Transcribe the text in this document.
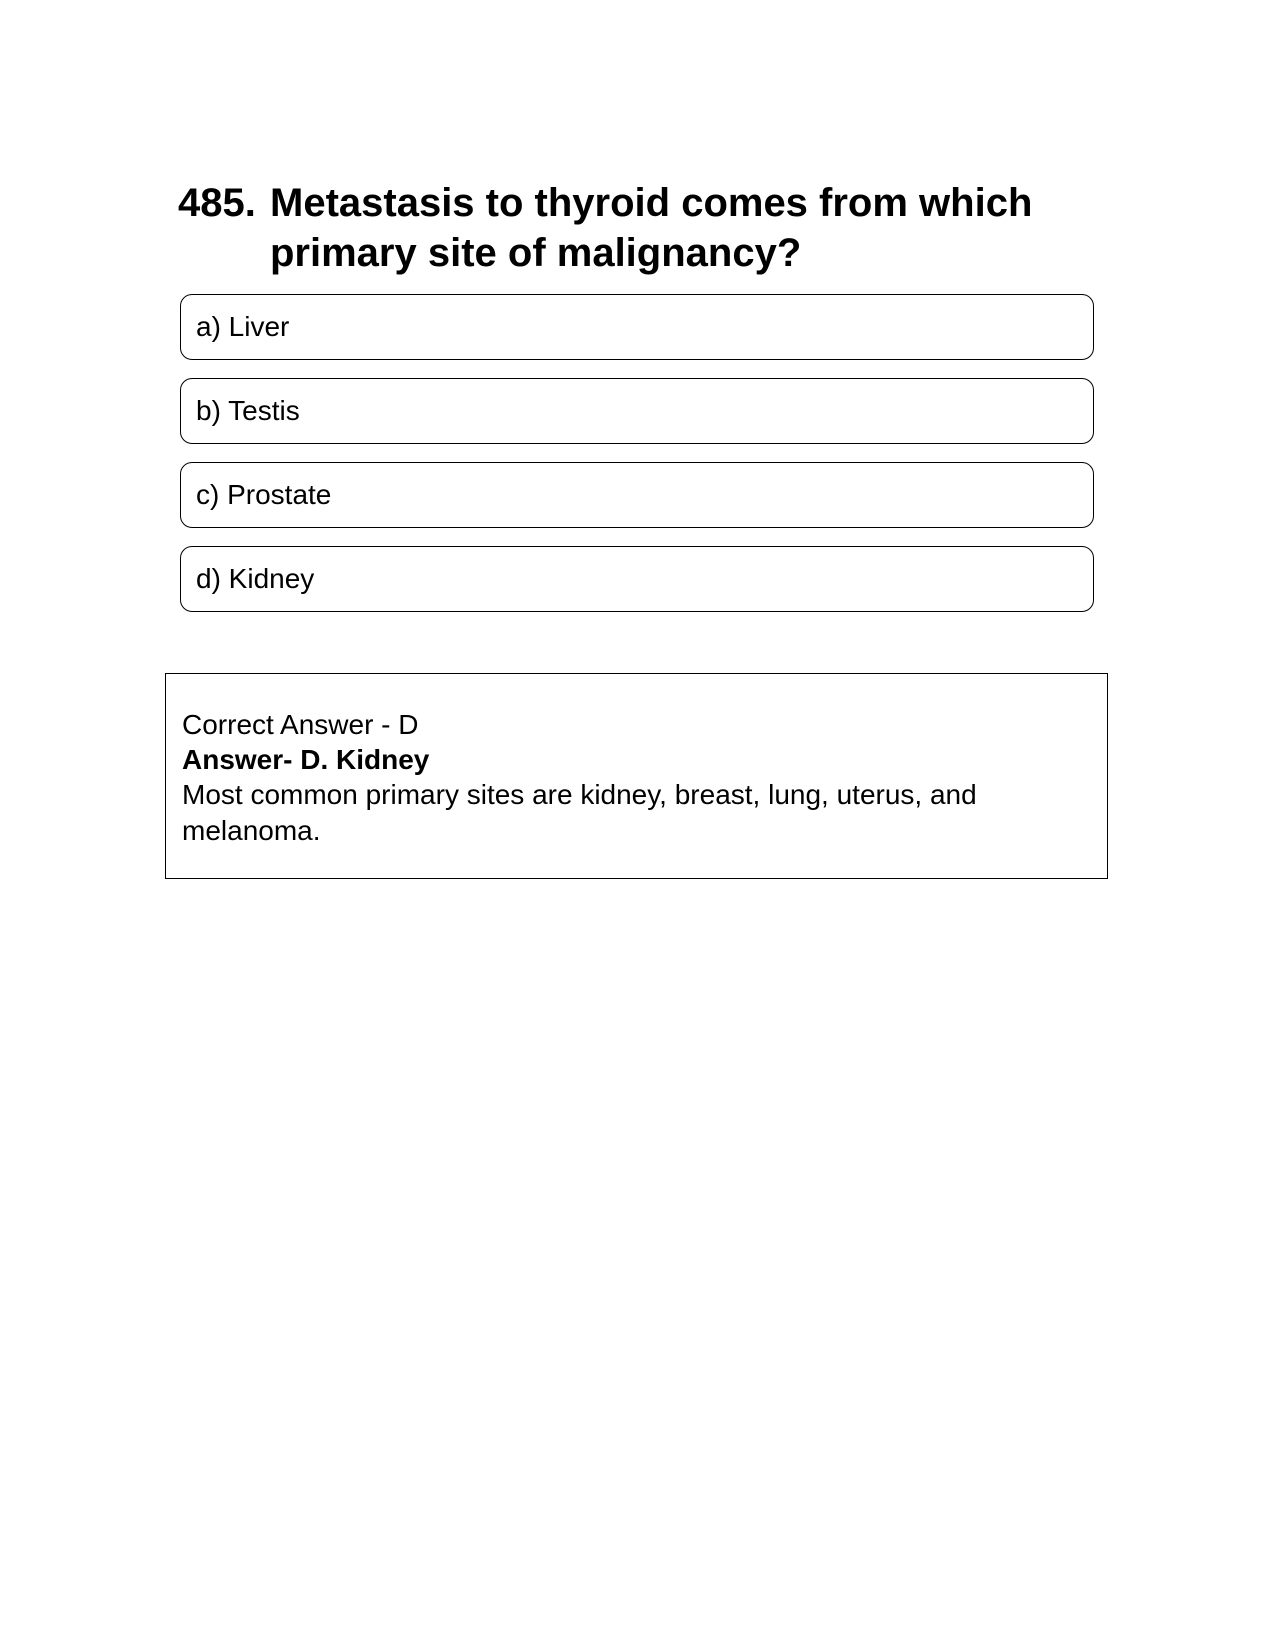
485. Metastasis to thyroid comes from which primary site of malignancy?
a) Liver
b) Testis
c) Prostate
d) Kidney
Correct Answer - D
Answer- D. Kidney
Most common primary sites are kidney, breast, lung, uterus, and melanoma.
